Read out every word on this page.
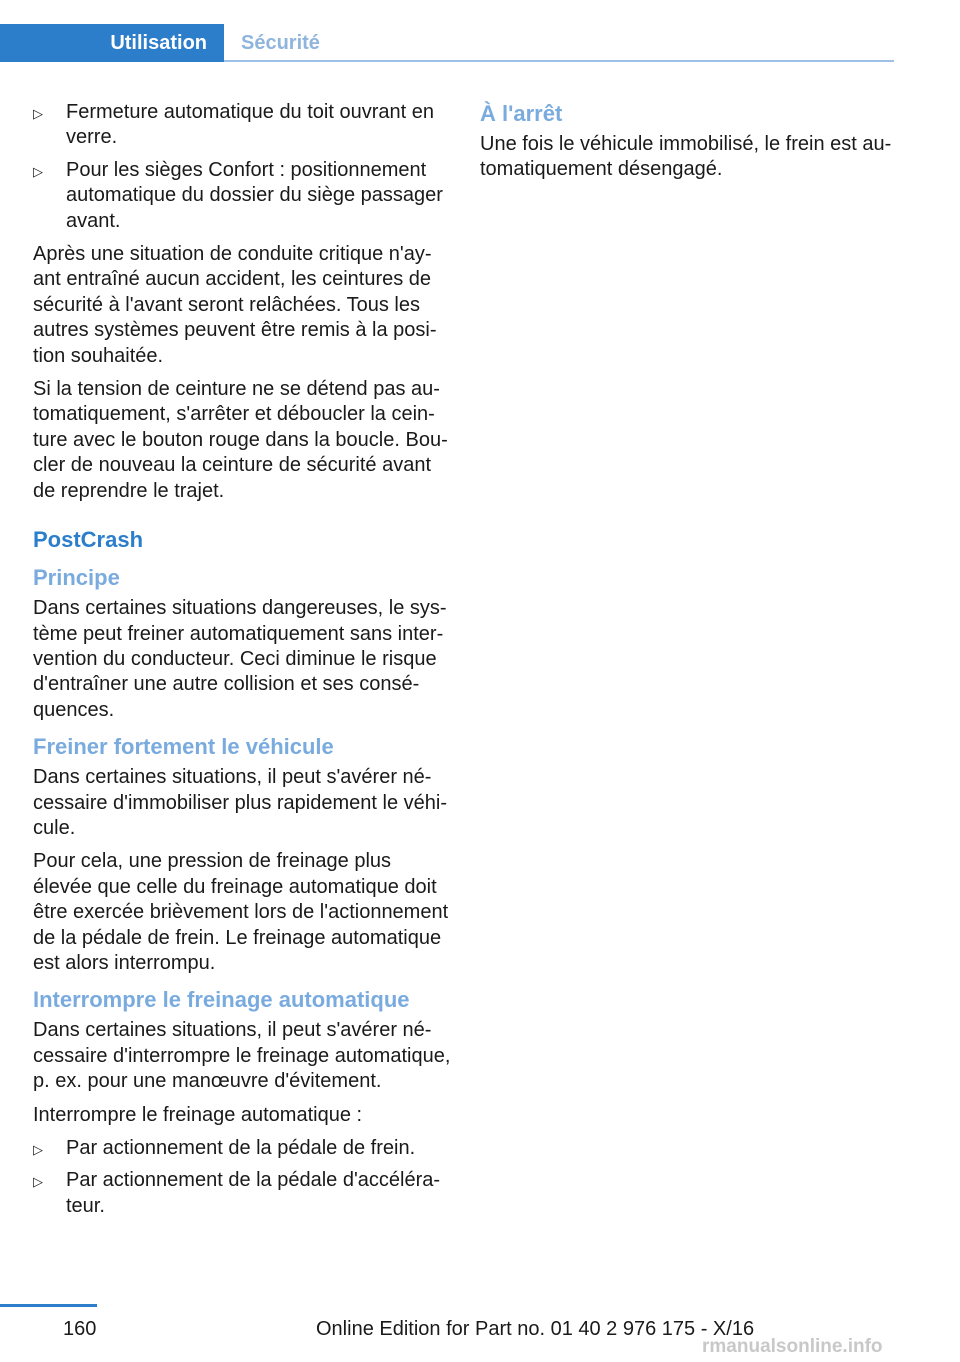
Utilisation	Sécurité
▷ Fermeture automatique du toit ouvrant en verre.
▷ Pour les sièges Confort : positionnement automatique du dossier du siège passager avant.

Après une situation de conduite critique n'ayant entraîné aucun accident, les ceintures de sécurité à l'avant seront relâchées. Tous les autres systèmes peuvent être remis à la position souhaitée.

Si la tension de ceinture ne se détend pas automatiquement, s'arrêter et déboucler la ceinture avec le bouton rouge dans la boucle. Boucler de nouveau la ceinture de sécurité avant de reprendre le trajet.

PostCrash
Principe

Dans certaines situations dangereuses, le système peut freiner automatiquement sans intervention du conducteur. Ceci diminue le risque d'entraîner une autre collision et ses conséquences.

Freiner fortement le véhicule

Dans certaines situations, il peut s'avérer nécessaire d'immobiliser plus rapidement le véhicule.

Pour cela, une pression de freinage plus élevée que celle du freinage automatique doit être exercée brièvement lors de l'actionnement de la pédale de frein. Le freinage automatique est alors interrompu.

Interrompre le freinage automatique

Dans certaines situations, il peut s'avérer nécessaire d'interrompre le freinage automatique, p. ex. pour une manœuvre d'évitement.

Interrompre le freinage automatique :

▷ Par actionnement de la pédale de frein.
▷ Par actionnement de la pédale d'accélérateur.
À l'arrêt

Une fois le véhicule immobilisé, le frein est automatiquement désengagé.

160	Online Edition for Part no. 01 40 2 976 175 - X/16
rmanualsonline.info
